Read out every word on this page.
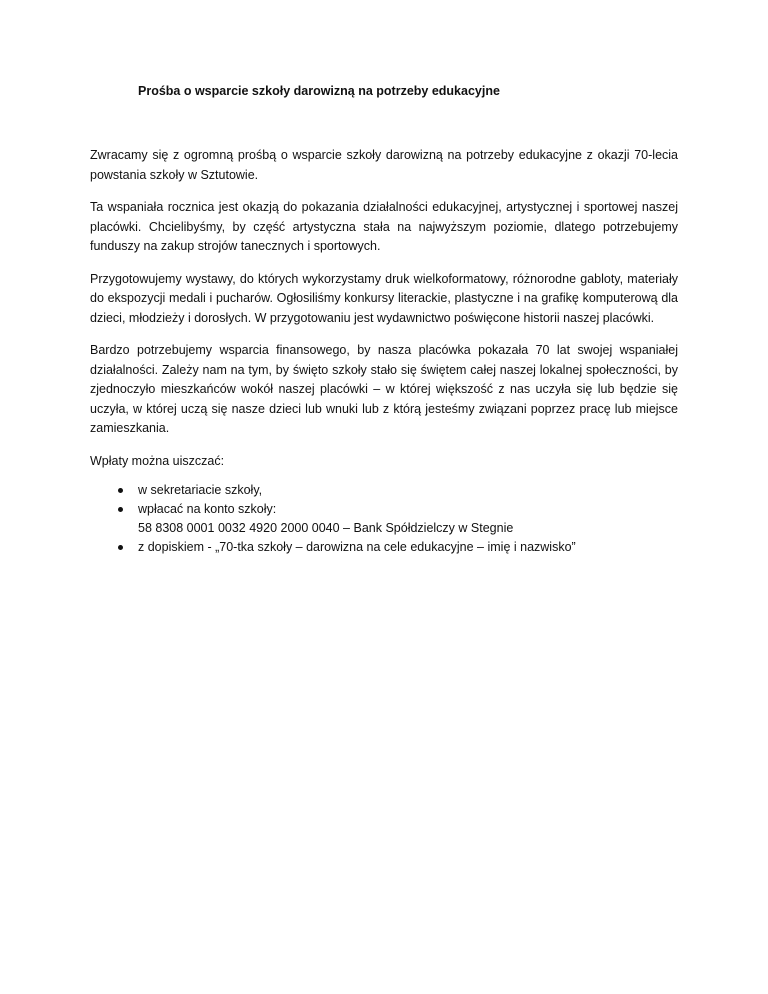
Prośba o wsparcie szkoły darowizną na potrzeby edukacyjne

Zwracamy się z ogromną prośbą o wsparcie szkoły darowizną na potrzeby edukacyjne z okazji 70-lecia powstania szkoły w Sztutowie.

Ta wspaniała rocznica jest okazją do pokazania działalności edukacyjnej, artystycznej i sportowej naszej placówki. Chcielibyśmy, by część artystyczna stała na najwyższym poziomie, dlatego potrzebujemy funduszy na zakup strojów tanecznych i sportowych.

Przygotowujemy wystawy, do których wykorzystamy druk wielkoformatowy, różnorodne gabloty, materiały do ekspozycji medali i pucharów. Ogłosiliśmy konkursy literackie, plastyczne i na grafikę komputerową dla dzieci, młodzieży i dorosłych. W przygotowaniu jest wydawnictwo poświęcone historii naszej placówki.

Bardzo potrzebujemy wsparcia finansowego, by nasza placówka pokazała 70 lat swojej wspaniałej działalności. Zależy nam na tym, by święto szkoły stało się świętem całej naszej lokalnej społeczności, by zjednoczyło mieszkańców wokół naszej placówki – w której większość z nas uczyła się lub będzie się uczyła, w której uczą się nasze dzieci lub wnuki lub z którą jesteśmy związani poprzez pracę lub miejsce zamieszkania.

Wpłaty można uiszczać:

w sekretariacie szkoły,
wpłacać na konto szkoły:
58 8308 0001 0032 4920 2000 0040 – Bank Spółdzielczy w Stegnie
z dopiskiem - „70-tka szkoły – darowizna na cele edukacyjne – imię i nazwisko”
